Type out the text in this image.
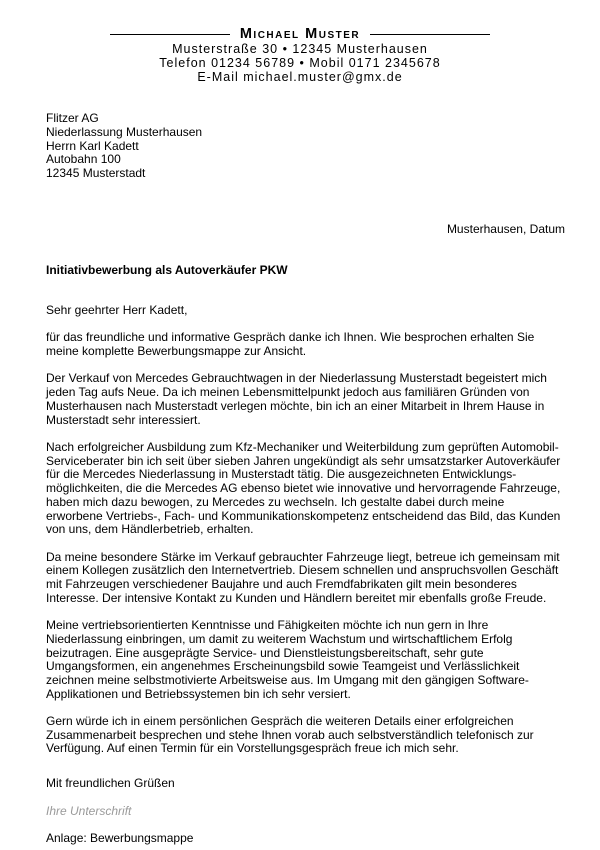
Michael Muster
Musterstraße 30 • 12345 Musterhausen
Telefon 01234 56789 • Mobil 0171 2345678
E-Mail michael.muster@gmx.de
Flitzer AG
Niederlassung Musterhausen
Herrn Karl Kadett
Autobahn 100
12345 Musterstadt
Musterhausen, Datum
Initiativbewerbung als Autoverkäufer PKW

Sehr geehrter Herr Kadett,

für das freundliche und informative Gespräch danke ich Ihnen. Wie besprochen erhalten Sie
meine komplette Bewerbungsmappe zur Ansicht.

Der Verkauf von Mercedes Gebrauchtwagen in der Niederlassung Musterstadt begeistert mich
jeden Tag aufs Neue. Da ich meinen Lebensmittelpunkt jedoch aus familiären Gründen von
Musterhausen nach Musterstadt verlegen möchte, bin ich an einer Mitarbeit in Ihrem Hause in
Musterstadt sehr interessiert.

Nach erfolgreicher Ausbildung zum Kfz-Mechaniker und Weiterbildung zum geprüften Automobil-
Serviceberater bin ich seit über sieben Jahren ungekündigt als sehr umsatzstarker Autoverkäufer
für die Mercedes Niederlassung in Musterstadt tätig. Die ausgezeichneten Entwicklungs-
möglichkeiten, die die Mercedes AG ebenso bietet wie innovative und hervorragende Fahrzeuge,
haben mich dazu bewogen, zu Mercedes zu wechseln. Ich gestalte dabei durch meine
erworbene Vertriebs-, Fach- und Kommunikationskompetenz entscheidend das Bild, das Kunden
von uns, dem Händlerbetrieb, erhalten.

Da meine besondere Stärke im Verkauf gebrauchter Fahrzeuge liegt, betreue ich gemeinsam mit
einem Kollegen zusätzlich den Internetvertrieb. Diesem schnellen und anspruchsvollen Geschäft
mit Fahrzeugen verschiedener Baujahre und auch Fremdfabrikaten gilt mein besonderes
Interesse. Der intensive Kontakt zu Kunden und Händlern bereitet mir ebenfalls große Freude.

Meine vertriebsorientierten Kenntnisse und Fähigkeiten möchte ich nun gern in Ihre
Niederlassung einbringen, um damit zu weiterem Wachstum und wirtschaftlichem Erfolg
beizutragen. Eine ausgeprägte Service- und Dienstleistungsbereitschaft, sehr gute
Umgangsformen, ein angenehmes Erscheinungsbild sowie Teamgeist und Verlässlichkeit
zeichnen meine selbstmotivierte Arbeitsweise aus. Im Umgang mit den gängigen Software-
Applikationen und Betriebssystemen bin ich sehr versiert.

Gern würde ich in einem persönlichen Gespräch die weiteren Details einer erfolgreichen
Zusammenarbeit besprechen und stehe Ihnen vorab auch selbstverständlich telefonisch zur
Verfügung. Auf einen Termin für ein Vorstellungsgespräch freue ich mich sehr.

Mit freundlichen Grüßen
Ihre Unterschrift
Anlage: Bewerbungsmappe
